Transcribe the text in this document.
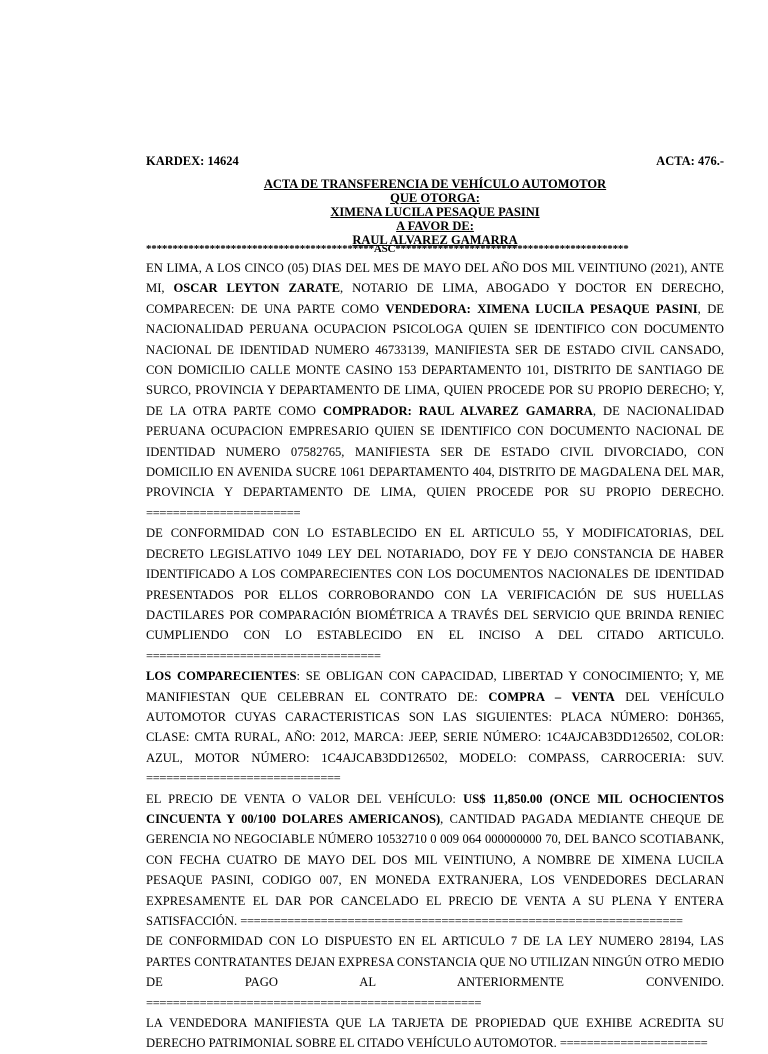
KARDEX: 14624	ACTA: 476.-
ACTA DE TRANSFERENCIA DE VEHÍCULO AUTOMOTOR
QUE OTORGA:
XIMENA LUCILA PESAQUE PASINI
A FAVOR DE:
RAUL ALVAREZ GAMARRA
*******************************************ASC********************************************

EN LIMA, A LOS CINCO (05) DIAS DEL MES DE MAYO DEL AÑO DOS MIL VEINTIUNO (2021), ANTE MI, OSCAR LEYTON ZARATE, NOTARIO DE LIMA, ABOGADO Y DOCTOR EN DERECHO, COMPARECEN: DE UNA PARTE COMO VENDEDORA: XIMENA LUCILA PESAQUE PASINI, DE NACIONALIDAD PERUANA OCUPACION PSICOLOGA QUIEN SE IDENTIFICO CON DOCUMENTO NACIONAL DE IDENTIDAD NUMERO 46733139, MANIFIESTA SER DE ESTADO CIVIL CANSADO, CON DOMICILIO CALLE MONTE CASINO 153 DEPARTAMENTO 101, DISTRITO DE SANTIAGO DE SURCO, PROVINCIA Y DEPARTAMENTO DE LIMA, QUIEN PROCEDE POR SU PROPIO DERECHO; Y, DE LA OTRA PARTE COMO COMPRADOR: RAUL ALVAREZ GAMARRA, DE NACIONALIDAD PERUANA OCUPACION EMPRESARIO QUIEN SE IDENTIFICO CON DOCUMENTO NACIONAL DE IDENTIDAD NUMERO 07582765, MANIFIESTA SER DE ESTADO CIVIL DIVORCIADO, CON DOMICILIO EN AVENIDA SUCRE 1061 DEPARTAMENTO 404, DISTRITO DE MAGDALENA DEL MAR, PROVINCIA Y DEPARTAMENTO DE LIMA, QUIEN PROCEDE POR SU PROPIO DERECHO. =======================

DE CONFORMIDAD CON LO ESTABLECIDO EN EL ARTICULO 55, Y MODIFICATORIAS, DEL DECRETO LEGISLATIVO 1049 LEY DEL NOTARIADO, DOY FE Y DEJO CONSTANCIA DE HABER IDENTIFICADO A LOS COMPARECIENTES CON LOS DOCUMENTOS NACIONALES DE IDENTIDAD PRESENTADOS POR ELLOS CORROBORANDO CON LA VERIFICACIÓN DE SUS HUELLAS DACTILARES POR COMPARACIÓN BIOMÉTRICA A TRAVÉS DEL SERVICIO QUE BRINDA RENIEC CUMPLIENDO CON LO ESTABLECIDO EN EL INCISO A DEL CITADO ARTICULO. ===================================

LOS COMPARECIENTES: SE OBLIGAN CON CAPACIDAD, LIBERTAD Y CONOCIMIENTO; Y, ME MANIFIESTAN QUE CELEBRAN EL CONTRATO DE: COMPRA – VENTA DEL VEHÍCULO AUTOMOTOR CUYAS CARACTERISTICAS SON LAS SIGUIENTES: PLACA NÚMERO: D0H365, CLASE: CMTA RURAL, AÑO: 2012, MARCA: JEEP, SERIE NÚMERO: 1C4AJCAB3DD126502, COLOR: AZUL, MOTOR NÚMERO: 1C4AJCAB3DD126502, MODELO: COMPASS, CARROCERIA: SUV. =============================

EL PRECIO DE VENTA O VALOR DEL VEHÍCULO: US$ 11,850.00 (ONCE MIL OCHOCIENTOS CINCUENTA Y 00/100 DOLARES AMERICANOS), CANTIDAD PAGADA MEDIANTE CHEQUE DE GERENCIA NO NEGOCIABLE NÚMERO 10532710 0 009 064 000000000 70, DEL BANCO SCOTIABANK, CON FECHA CUATRO DE MAYO DEL DOS MIL VEINTIUNO, A NOMBRE DE XIMENA LUCILA PESAQUE PASINI, CODIGO 007, EN MONEDA EXTRANJERA, LOS VENDEDORES DECLARAN EXPRESAMENTE EL DAR POR CANCELADO EL PRECIO DE VENTA A SU PLENA Y ENTERA SATISFACCIÓN. ==================================================================

DE CONFORMIDAD CON LO DISPUESTO EN EL ARTICULO 7 DE LA LEY NUMERO 28194, LAS PARTES CONTRATANTES DEJAN EXPRESA CONSTANCIA QUE NO UTILIZAN NINGÚN OTRO MEDIO DE PAGO AL ANTERIORMENTE CONVENIDO. ==================================================

LA VENDEDORA MANIFIESTA QUE LA TARJETA DE PROPIEDAD QUE EXHIBE ACREDITA SU DERECHO PATRIMONIAL SOBRE EL CITADO VEHÍCULO AUTOMOTOR. ======================
